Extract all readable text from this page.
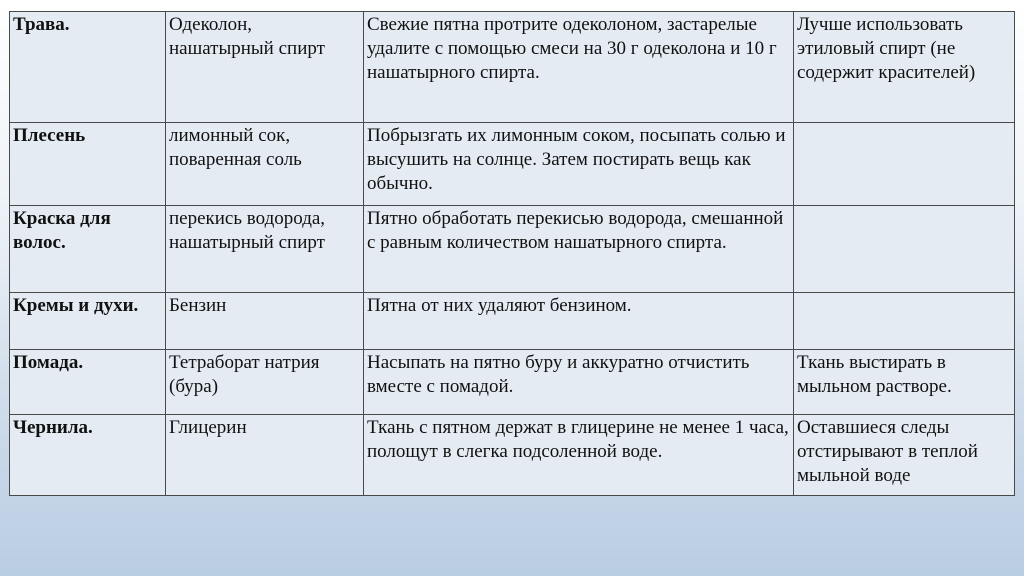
Трава.	Одеколон, нашатырный спирт	Свежие пятна протрите одеколоном, застарелые удалите с помощью смеси на 30 г одеколона и 10 г нашатырного спирта.	Лучше использовать этиловый спирт (не содержит красителей)
Плесень	лимонный сок, поваренная соль	Побрызгать их лимонным соком, посыпать солью и высушить на солнце. Затем постирать вещь как обычно.	
Краска для волос.	перекись водорода, нашатырный спирт	Пятно обработать перекисью водорода, смешанной с равным количеством нашатырного спирта.	
Кремы и духи.	Бензин	Пятна от них удаляют бензином.	
Помада.	Тетраборат натрия (бура)	Насыпать на пятно буру и аккуратно отчистить вместе с помадой.	Ткань выстирать в мыльном растворе.
Чернила.	Глицерин	Ткань с пятном держат в глицерине не менее 1 часа, полощут в слегка подсоленной воде.	Оставшиеся следы отстирывают в теплой мыльной воде
